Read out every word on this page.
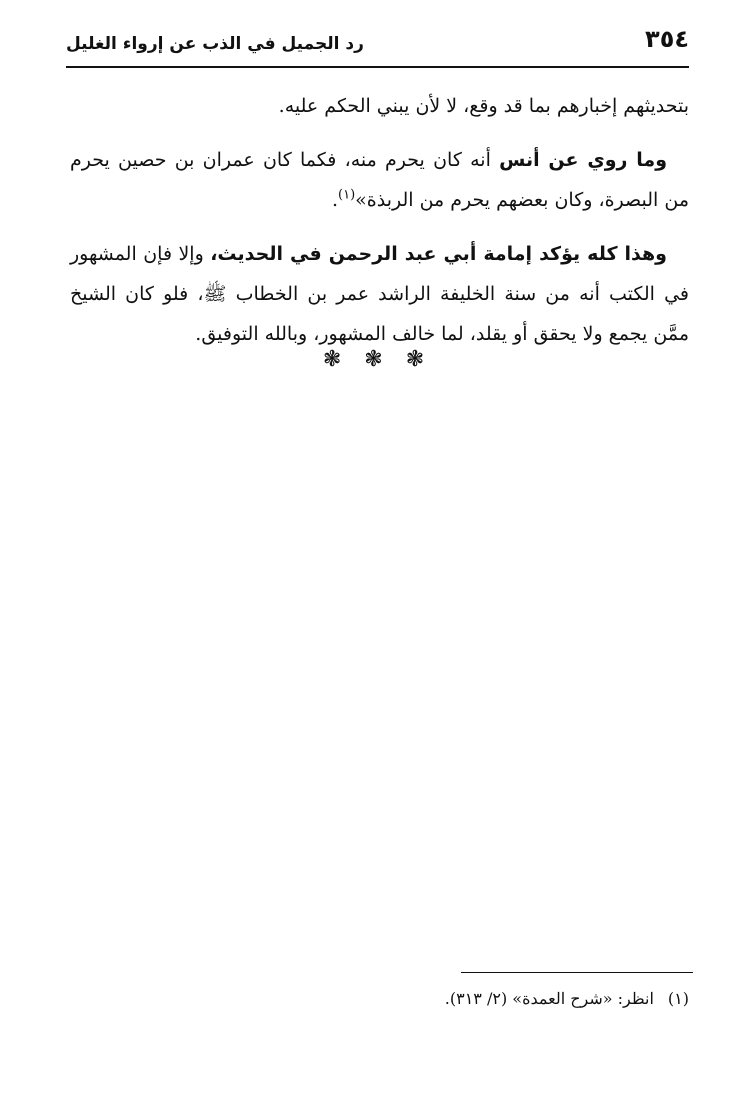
٣٥٤
رد الجميل في الذب عن إرواء الغليل

بتحديثهم إخبارهم بما قد وقع، لا لأن يبني الحكم عليه.

وما روي عن أنس أنه كان يحرم منه، فكما كان عمران بن حصين يحرم من البصرة، وكان بعضهم يحرم من الربذة»$^{(١)}$.

وهذا كله يؤكد إمامة أبي عبد الرحمن في الحديث، وإلا فإن المشهور في الكتب أنه من سنة الخليفة الراشد عمر بن الخطاب ﷺ، فلو كان الشيخ ممَّن يجمع ولا يحقق أو يقلد، لما خالف المشهور، وبالله التوفيق.

❃ ❃ ❃
(١)انظر: «شرح العمدة» (٢/ ٣١٣).
